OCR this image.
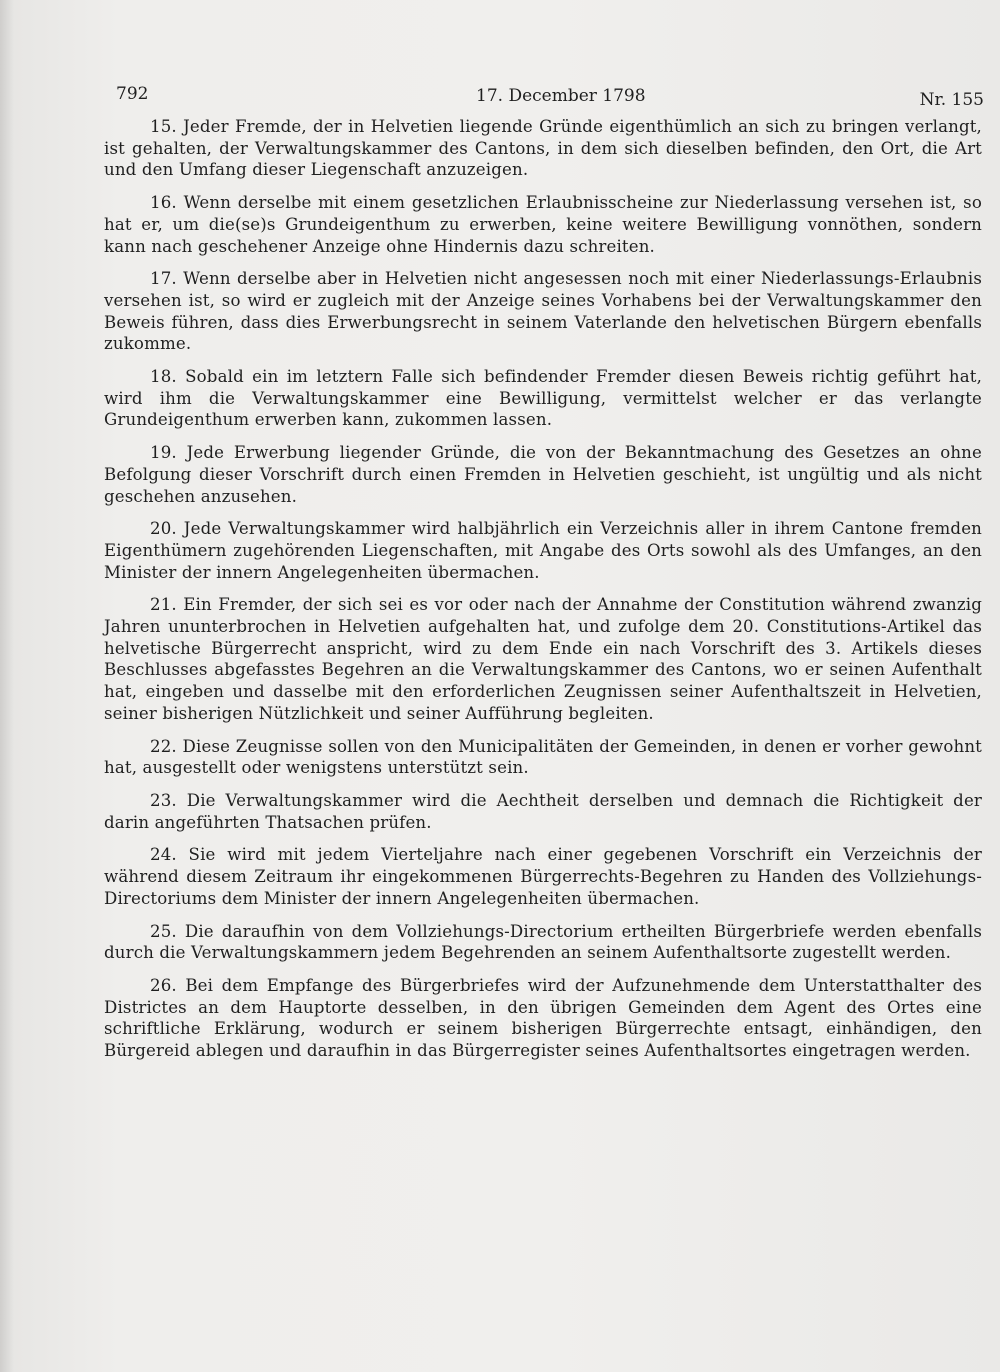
792	17. December 1798	Nr. 155

15. Jeder Fremde, der in Helvetien liegende Gründe eigenthümlich an sich zu bringen verlangt, ist gehalten, der Verwaltungskammer des Cantons, in dem sich dieselben befinden, den Ort, die Art und den Umfang dieser Liegenschaft anzuzeigen.

16. Wenn derselbe mit einem gesetzlichen Erlaubnisscheine zur Niederlassung versehen ist, so hat er, um die(se)s Grundeigenthum zu erwerben, keine weitere Bewilligung vonnöthen, sondern kann nach geschehener Anzeige ohne Hindernis dazu schreiten.

17. Wenn derselbe aber in Helvetien nicht angesessen noch mit einer Niederlassungs-Erlaubnis versehen ist, so wird er zugleich mit der Anzeige seines Vorhabens bei der Verwaltungskammer den Beweis führen, dass dies Erwerbungsrecht in seinem Vaterlande den helvetischen Bürgern ebenfalls zukomme.

18. Sobald ein im letztern Falle sich befindender Fremder diesen Beweis richtig geführt hat, wird ihm die Verwaltungskammer eine Bewilligung, vermittelst welcher er das verlangte Grundeigenthum erwerben kann, zukommen lassen.

19. Jede Erwerbung liegender Gründe, die von der Bekanntmachung des Gesetzes an ohne Befolgung dieser Vorschrift durch einen Fremden in Helvetien geschieht, ist ungültig und als nicht geschehen anzusehen.

20. Jede Verwaltungskammer wird halbjährlich ein Verzeichnis aller in ihrem Cantone fremden Eigenthümern zugehörenden Liegenschaften, mit Angabe des Orts sowohl als des Umfanges, an den Minister der innern Angelegenheiten übermachen.

21. Ein Fremder, der sich sei es vor oder nach der Annahme der Constitution während zwanzig Jahren ununterbrochen in Helvetien aufgehalten hat, und zufolge dem 20. Constitutions-Artikel das helvetische Bürgerrecht anspricht, wird zu dem Ende ein nach Vorschrift des 3. Artikels dieses Beschlusses abgefasstes Begehren an die Verwaltungskammer des Cantons, wo er seinen Aufenthalt hat, eingeben und dasselbe mit den erforderlichen Zeugnissen seiner Aufenthaltszeit in Helvetien, seiner bisherigen Nützlichkeit und seiner Aufführung begleiten.

22. Diese Zeugnisse sollen von den Municipalitäten der Gemeinden, in denen er vorher gewohnt hat, ausgestellt oder wenigstens unterstützt sein.

23. Die Verwaltungskammer wird die Aechtheit derselben und demnach die Richtigkeit der darin angeführten Thatsachen prüfen.

24. Sie wird mit jedem Vierteljahre nach einer gegebenen Vorschrift ein Verzeichnis der während diesem Zeitraum ihr eingekommenen Bürgerrechts-Begehren zu Handen des Vollziehungs-Directoriums dem Minister der innern Angelegenheiten übermachen.

25. Die daraufhin von dem Vollziehungs-Directorium ertheilten Bürgerbriefe werden ebenfalls durch die Verwaltungskammern jedem Begehrenden an seinem Aufenthaltsorte zugestellt werden.

26. Bei dem Empfange des Bürgerbriefes wird der Aufzunehmende dem Unterstatthalter des Districtes an dem Hauptorte desselben, in den übrigen Gemeinden dem Agent des Ortes eine schriftliche Erklärung, wodurch er seinem bisherigen Bürgerrechte entsagt, einhändigen, den Bürgereid ablegen und daraufhin in das Bürgerregister seines Aufenthaltsortes eingetragen werden.
